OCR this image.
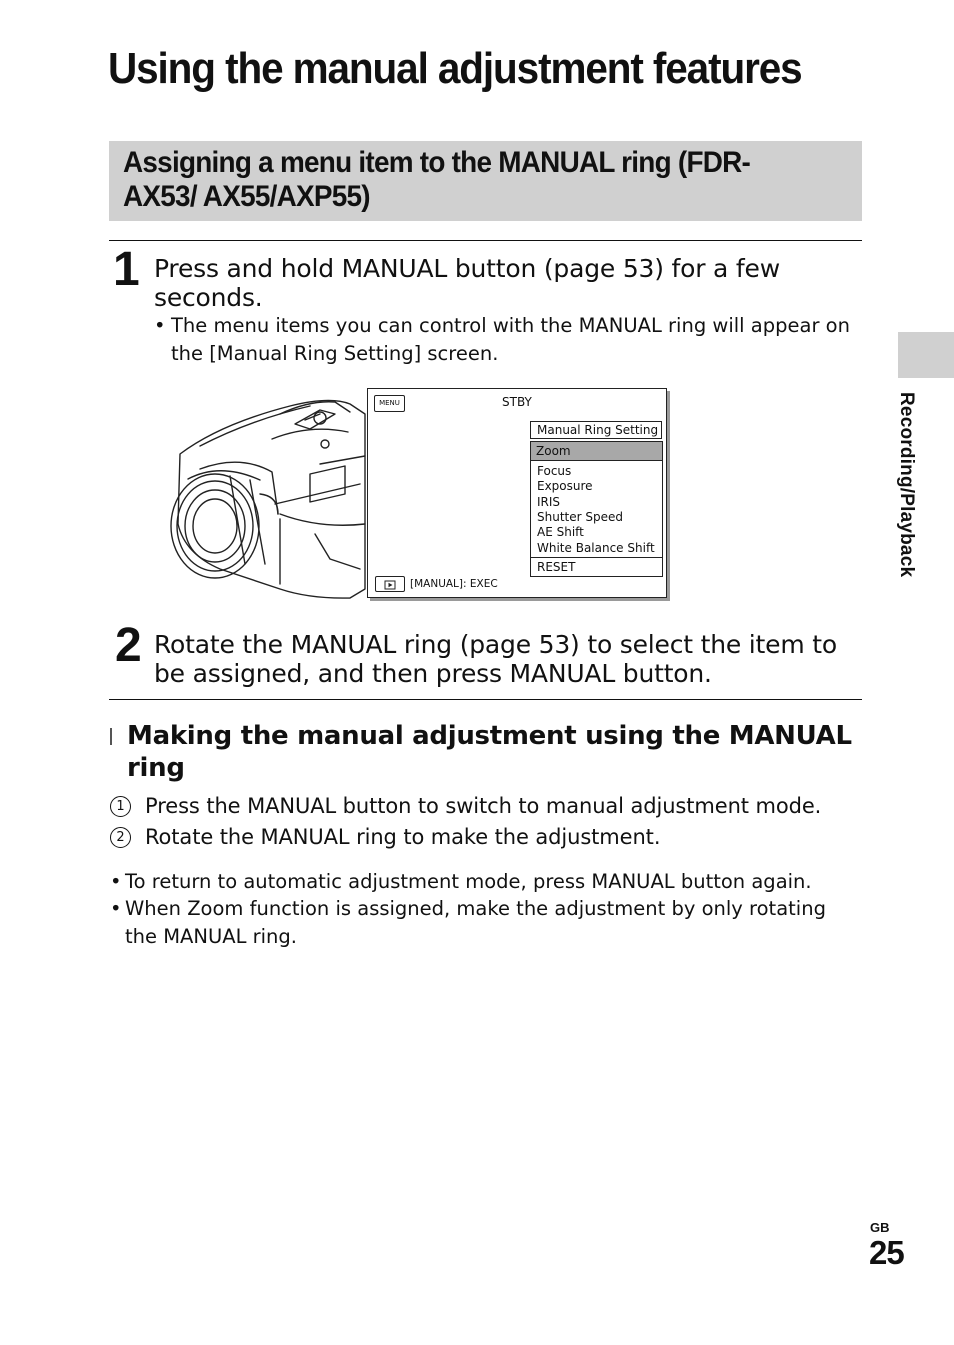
Using the manual adjustment features
Assigning a menu item to the MANUAL ring (FDR-AX53/ AX55/AXP55)
Recording/Playback
1 Press and hold MANUAL button (page 53) for a few seconds.
• The menu items you can control with the MANUAL ring will appear on the [Manual Ring Setting] screen.
MENU	STBY
Manual Ring Setting
Zoom
Focus
Exposure
IRIS
Shutter Speed
AE Shift
White Balance Shift
RESET
[MANUAL]: EXEC
2 Rotate the MANUAL ring (page 53) to select the item to be assigned, and then press MANUAL button.
Making the manual adjustment using the MANUAL ring
1 Press the MANUAL button to switch to manual adjustment mode.
2 Rotate the MANUAL ring to make the adjustment.
• To return to automatic adjustment mode, press MANUAL button again.
• When Zoom function is assigned, make the adjustment by only rotating the MANUAL ring.
GB
25
